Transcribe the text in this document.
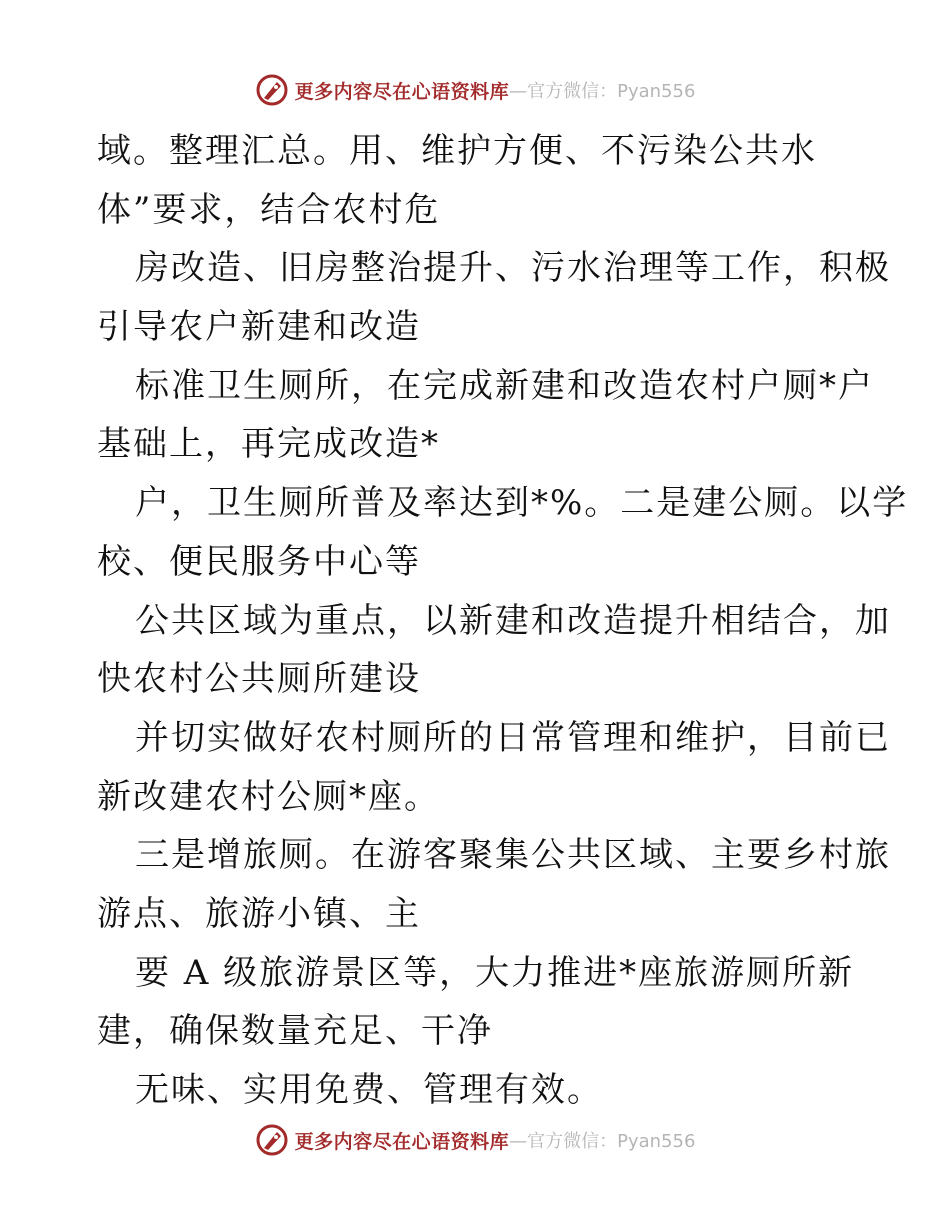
更多内容尽在心语资料库 —官方微信：Pyan556
域。整理汇总。用、维护方便、不污染公共水
体”要求，结合农村危
房改造、旧房整治提升、污水治理等工作，积极
引导农户新建和改造
标准卫生厕所，在完成新建和改造农村户厕*户
基础上，再完成改造*
户，卫生厕所普及率达到*%。二是建公厕。以学
校、便民服务中心等
公共区域为重点，以新建和改造提升相结合，加
快农村公共厕所建设
并切实做好农村厕所的日常管理和维护，目前已
新改建农村公厕*座。
三是增旅厕。在游客聚集公共区域、主要乡村旅
游点、旅游小镇、主
要 A 级旅游景区等，大力推进*座旅游厕所新
建，确保数量充足、干净
无味、实用免费、管理有效。
更多内容尽在心语资料库 —官方微信：Pyan556
